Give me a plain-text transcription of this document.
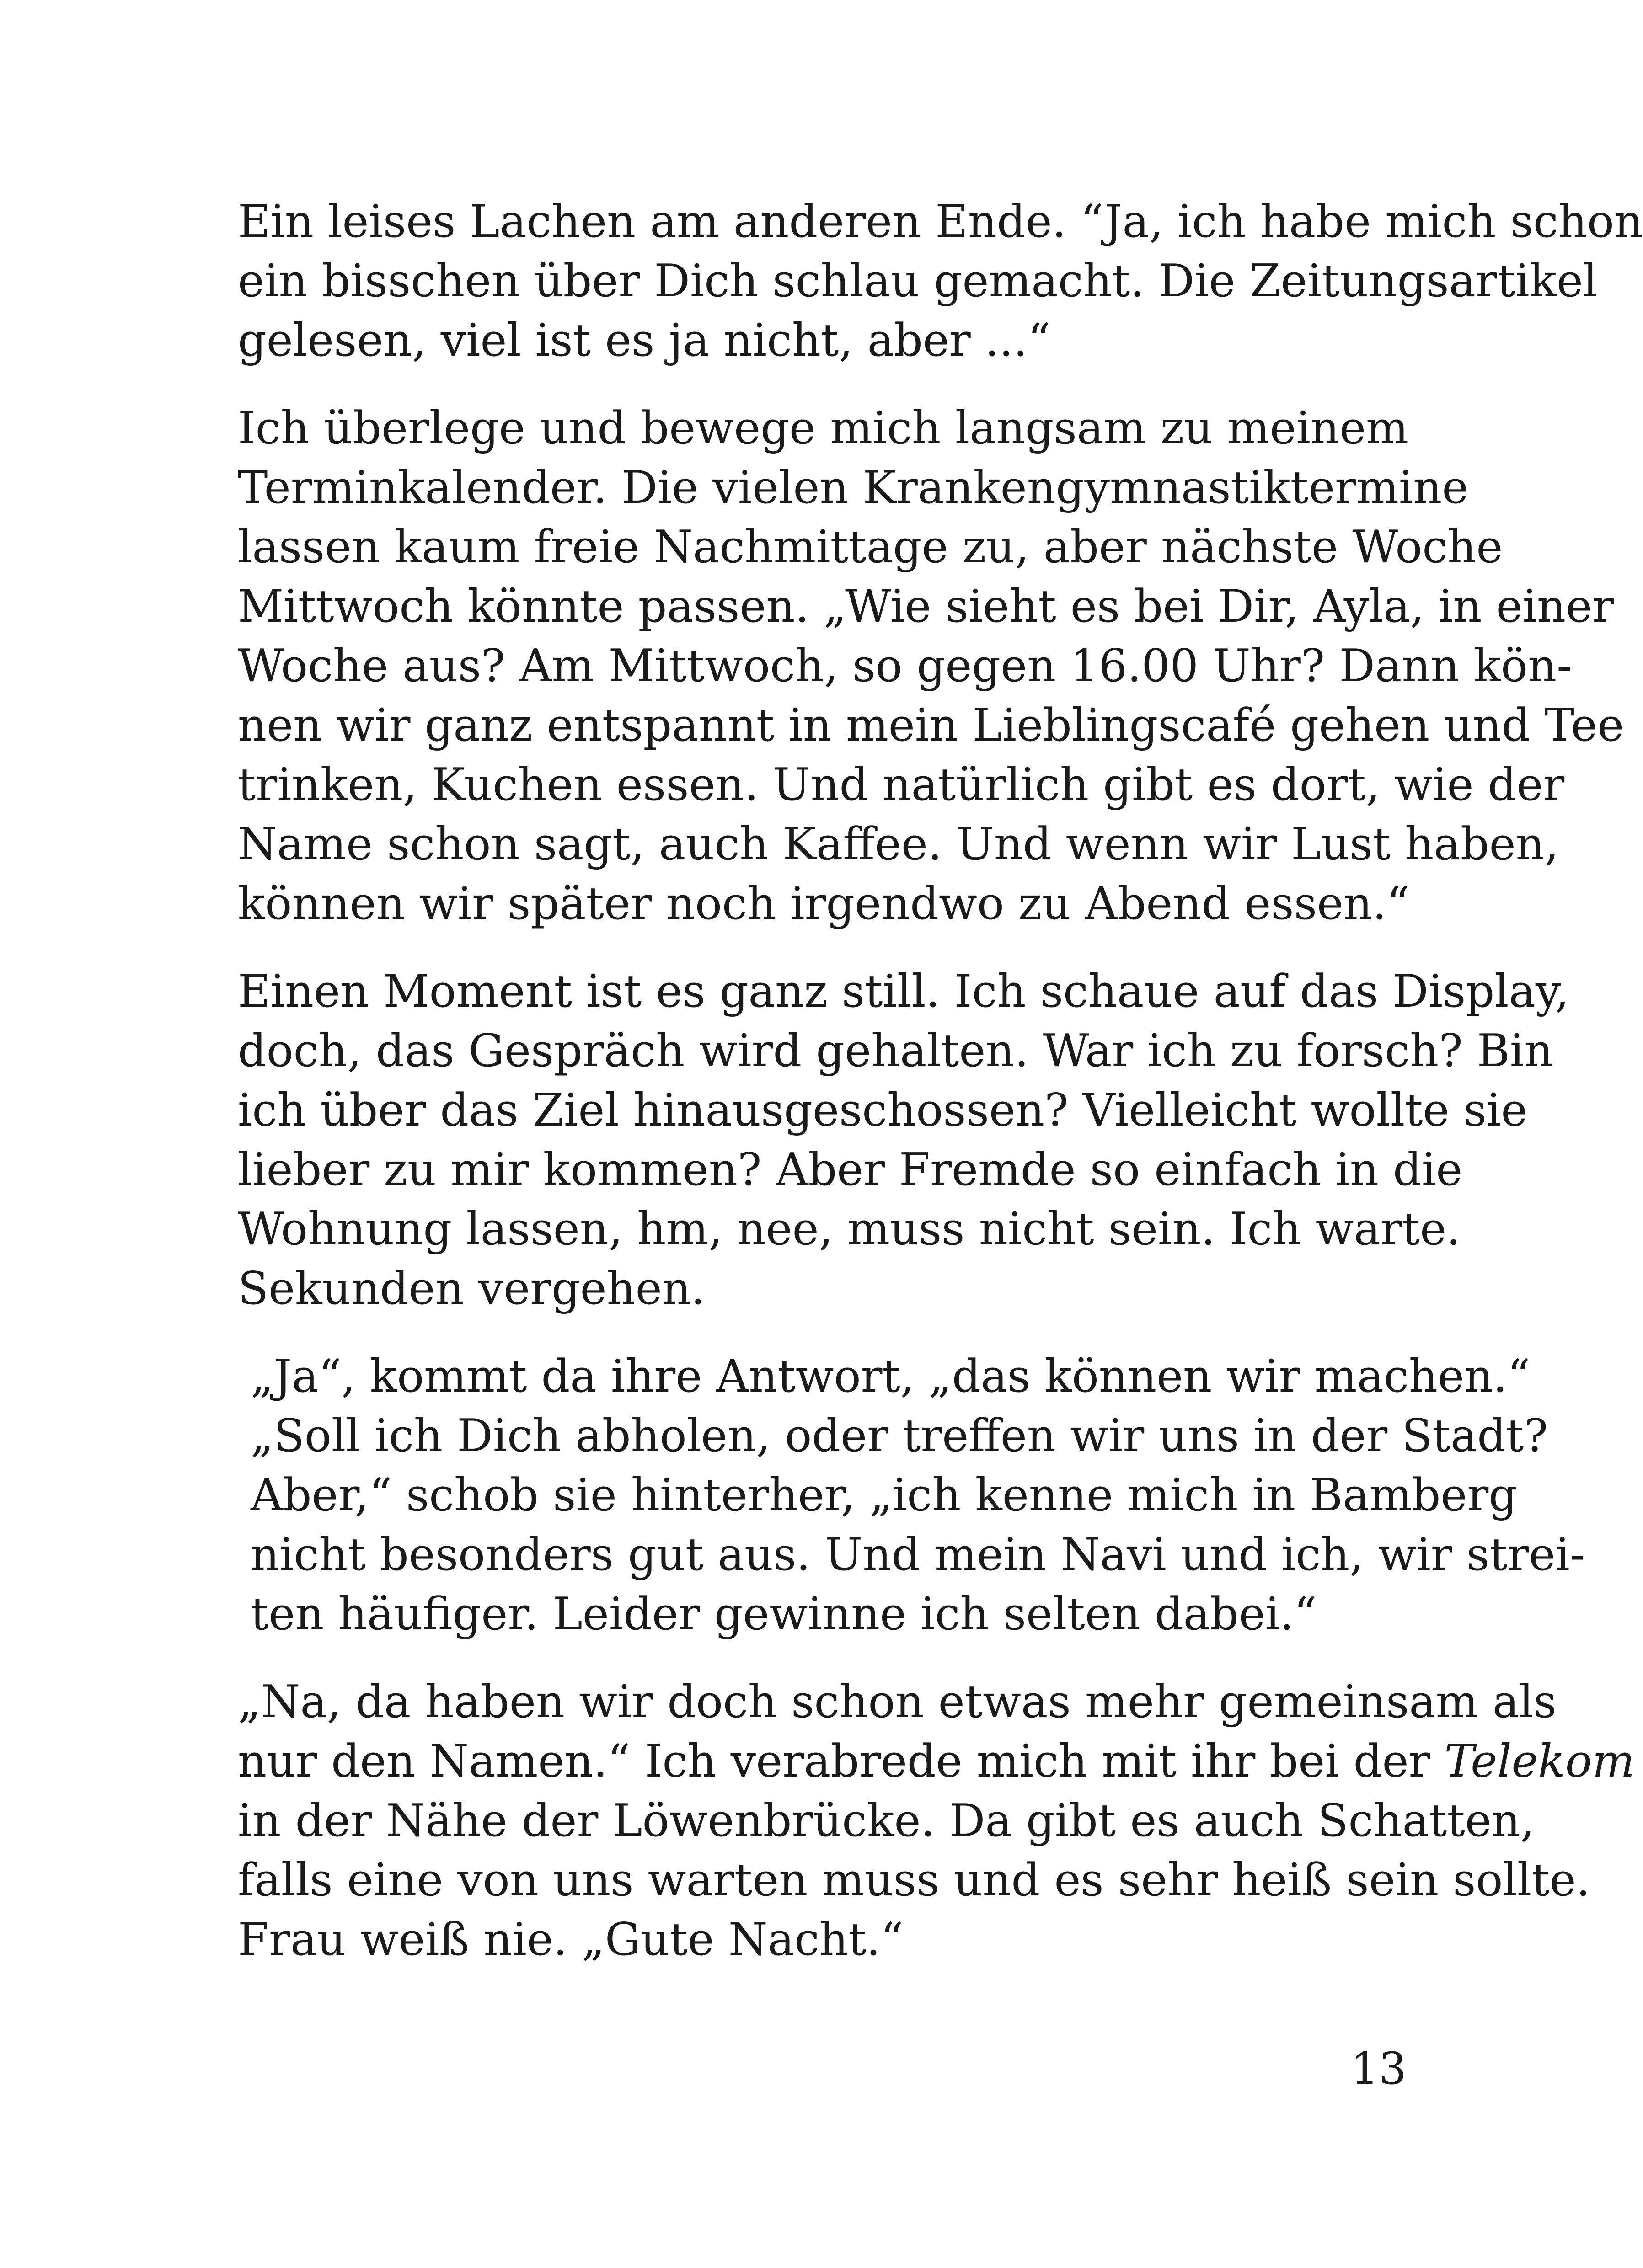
Ein leises Lachen am anderen Ende. “Ja, ich habe mich schon
ein bisschen über Dich schlau gemacht. Die Zeitungsartikel
gelesen, viel ist es ja nicht, aber ...“

Ich überlege und bewege mich langsam zu meinem
Terminkalender. Die vielen Krankengymnastiktermine
lassen kaum freie Nachmittage zu, aber nächste Woche
Mittwoch könnte passen. „Wie sieht es bei Dir, Ayla, in einer
Woche aus? Am Mittwoch, so gegen 16.00 Uhr? Dann kön-
nen wir ganz entspannt in mein Lieblingscafé gehen und Tee
trinken, Kuchen essen. Und natürlich gibt es dort, wie der
Name schon sagt, auch Kaffee. Und wenn wir Lust haben,
können wir später noch irgendwo zu Abend essen.“

Einen Moment ist es ganz still. Ich schaue auf das Display,
doch, das Gespräch wird gehalten. War ich zu forsch? Bin
ich über das Ziel hinausgeschossen? Vielleicht wollte sie
lieber zu mir kommen? Aber Fremde so einfach in die
Wohnung lassen, hm, nee, muss nicht sein. Ich warte.
Sekunden vergehen.

„Ja“, kommt da ihre Antwort, „das können wir machen.“
„Soll ich Dich abholen, oder treffen wir uns in der Stadt?
Aber,“ schob sie hinterher, „ich kenne mich in Bamberg
nicht besonders gut aus. Und mein Navi und ich, wir strei-
ten häufiger. Leider gewinne ich selten dabei.“

„Na, da haben wir doch schon etwas mehr gemeinsam als
nur den Namen.“ Ich verabrede mich mit ihr bei der Telekom
in der Nähe der Löwenbrücke. Da gibt es auch Schatten,
falls eine von uns warten muss und es sehr heiß sein sollte.
Frau weiß nie. „Gute Nacht.“

13
